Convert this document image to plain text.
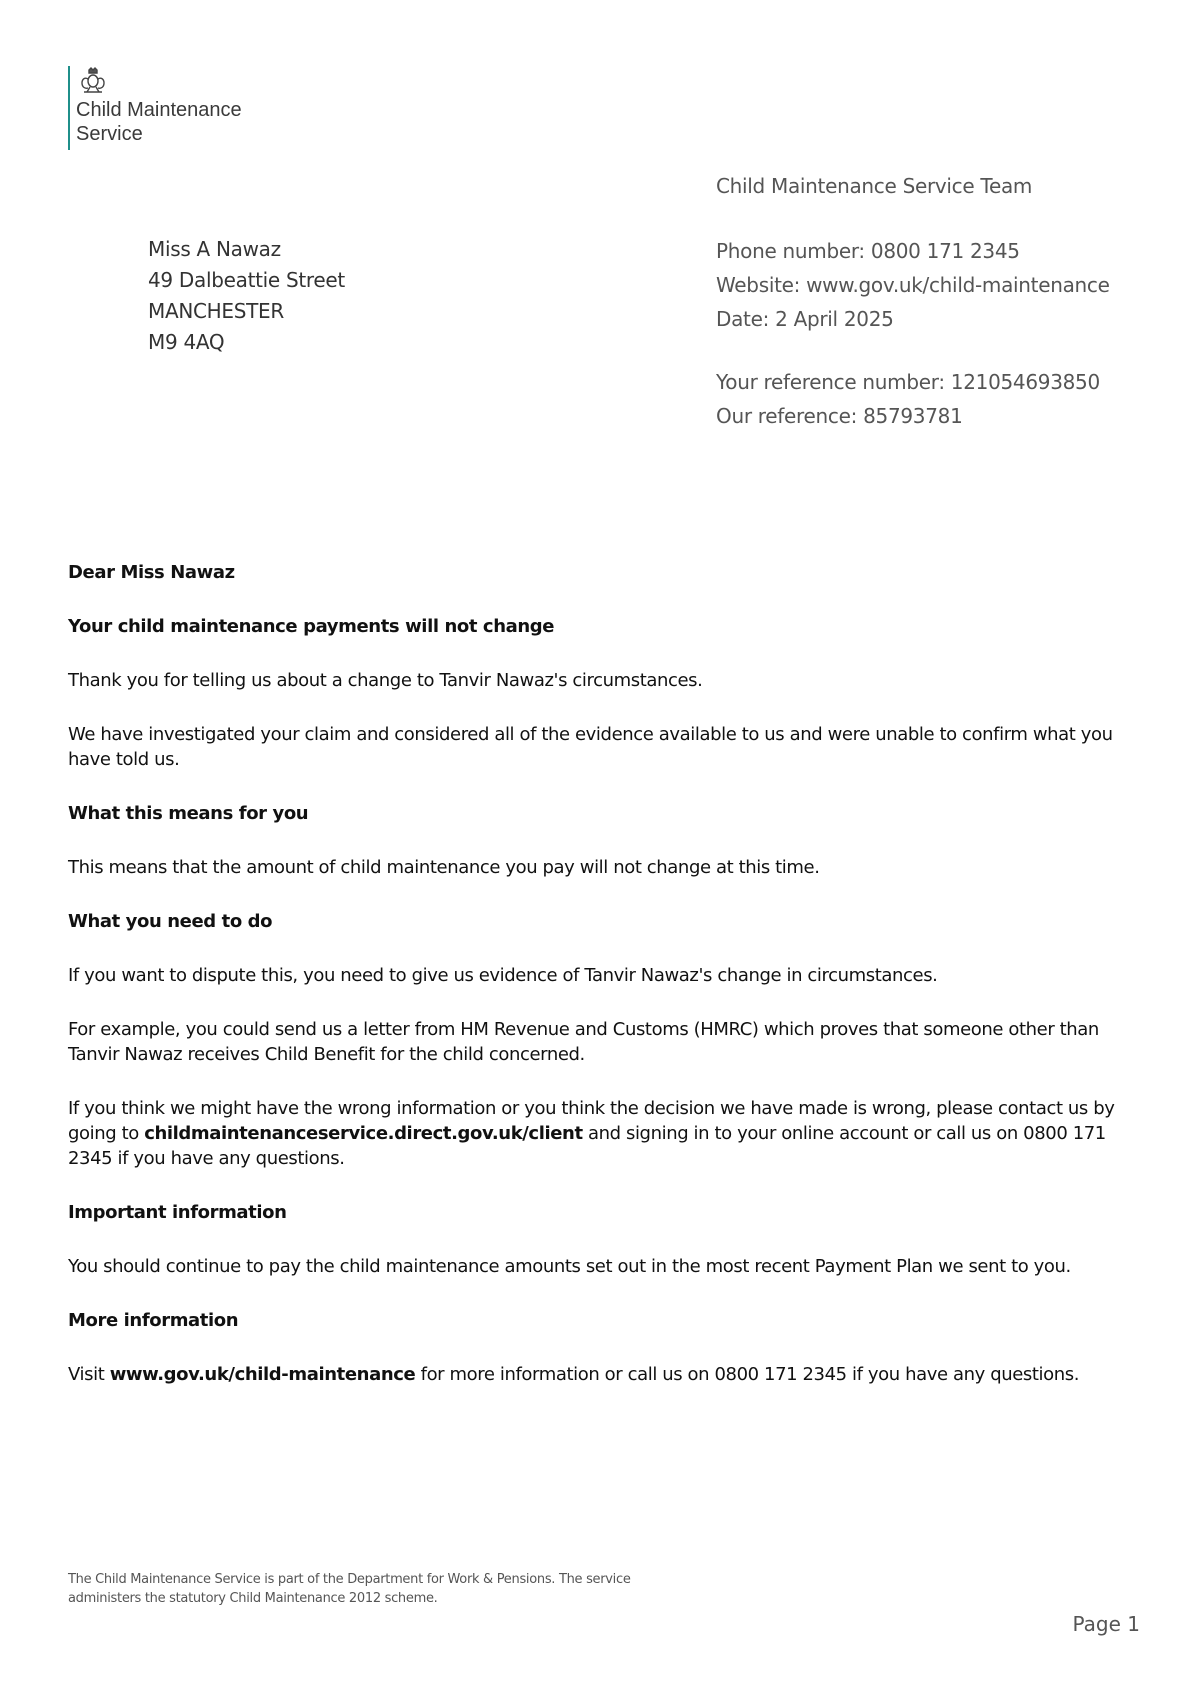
Child Maintenance
Service
Child Maintenance Service Team
Miss A Nawaz
49 Dalbeattie Street
MANCHESTER
M9 4AQ
Phone number: 0800 171 2345
Website: www.gov.uk/child-maintenance
Date: 2 April 2025
Your reference number: 121054693850
Our reference: 85793781

Dear Miss Nawaz

Your child maintenance payments will not change

Thank you for telling us about a change to Tanvir Nawaz's circumstances.

We have investigated your claim and considered all of the evidence available to us and were unable to confirm what you have told us.

What this means for you

This means that the amount of child maintenance you pay will not change at this time.

What you need to do

If you want to dispute this, you need to give us evidence of Tanvir Nawaz's change in circumstances.

For example, you could send us a letter from HM Revenue and Customs (HMRC) which proves that someone other than Tanvir Nawaz receives Child Benefit for the child concerned.

If you think we might have the wrong information or you think the decision we have made is wrong, please contact us by going to childmaintenanceservice.direct.gov.uk/client and signing in to your online account or call us on 0800 171 2345 if you have any questions.

Important information

You should continue to pay the child maintenance amounts set out in the most recent Payment Plan we sent to you.

More information

Visit www.gov.uk/child-maintenance for more information or call us on 0800 171 2345 if you have any questions.

The Child Maintenance Service is part of the Department for Work & Pensions. The service
administers the statutory Child Maintenance 2012 scheme.
Page 1
